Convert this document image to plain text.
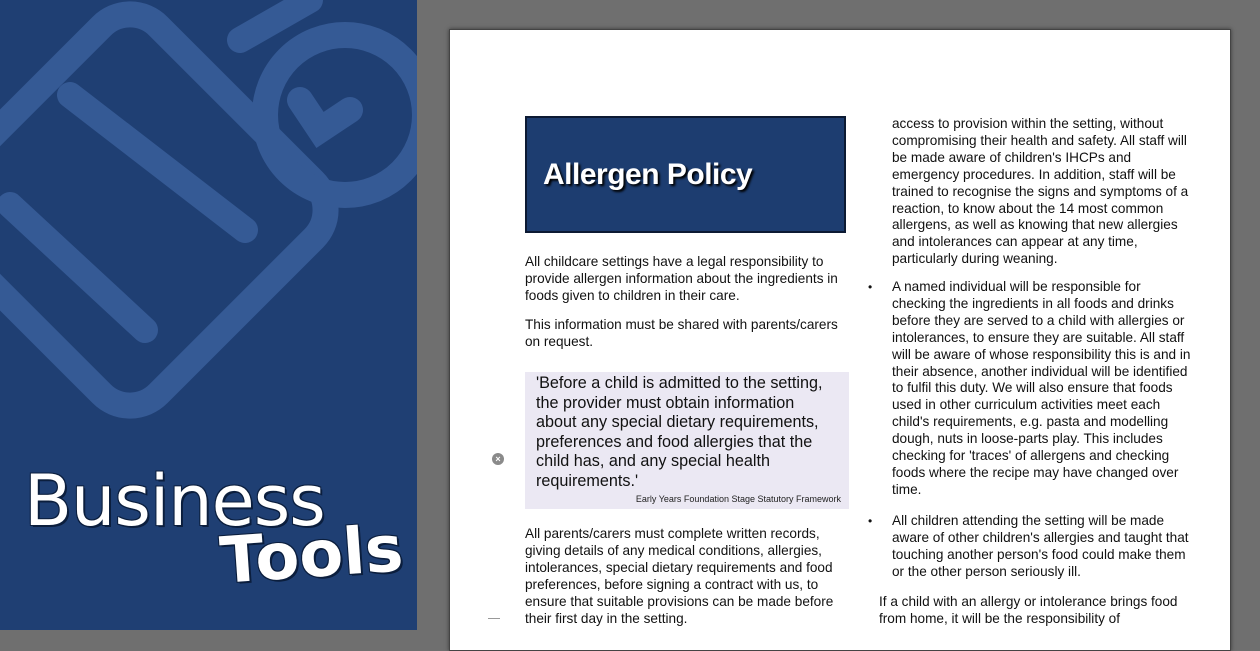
Business
Tools
Allergen Policy

All childcare settings have a legal responsibility to provide allergen information about the ingredients in foods given to children in their care.

This information must be shared with parents/carers on request.

'Before a child is admitted to the setting, the provider must obtain information about any special dietary requirements, preferences and food allergies that the child has, and any special health requirements.'

Early Years Foundation Stage Statutory Framework
×

All parents/carers must complete written records, giving details of any medical conditions, allergies, intolerances, special dietary requirements and food preferences, before signing a contract with us, to ensure that suitable provisions can be made before their first day in the setting.

access to provision within the setting, without compromising their health and safety. All staff will be made aware of children's IHCPs and emergency procedures. In addition, staff will be trained to recognise the signs and symptoms of a reaction, to know about the 14 most common allergens, as well as knowing that new allergies and intolerances can appear at any time, particularly during weaning.

• A named individual will be responsible for checking the ingredients in all foods and drinks before they are served to a child with allergies or intolerances, to ensure they are suitable. All staff will be aware of whose responsibility this is and in their absence, another individual will be identified to fulfil this duty. We will also ensure that foods used in other curriculum activities meet each child's requirements, e.g. pasta and modelling dough, nuts in loose-parts play. This includes checking for 'traces' of allergens and checking foods where the recipe may have changed over time.
• All children attending the setting will be made aware of other children's allergies and taught that touching another person's food could make them or the other person seriously ill.

If a child with an allergy or intolerance brings food from home, it will be the responsibility of
